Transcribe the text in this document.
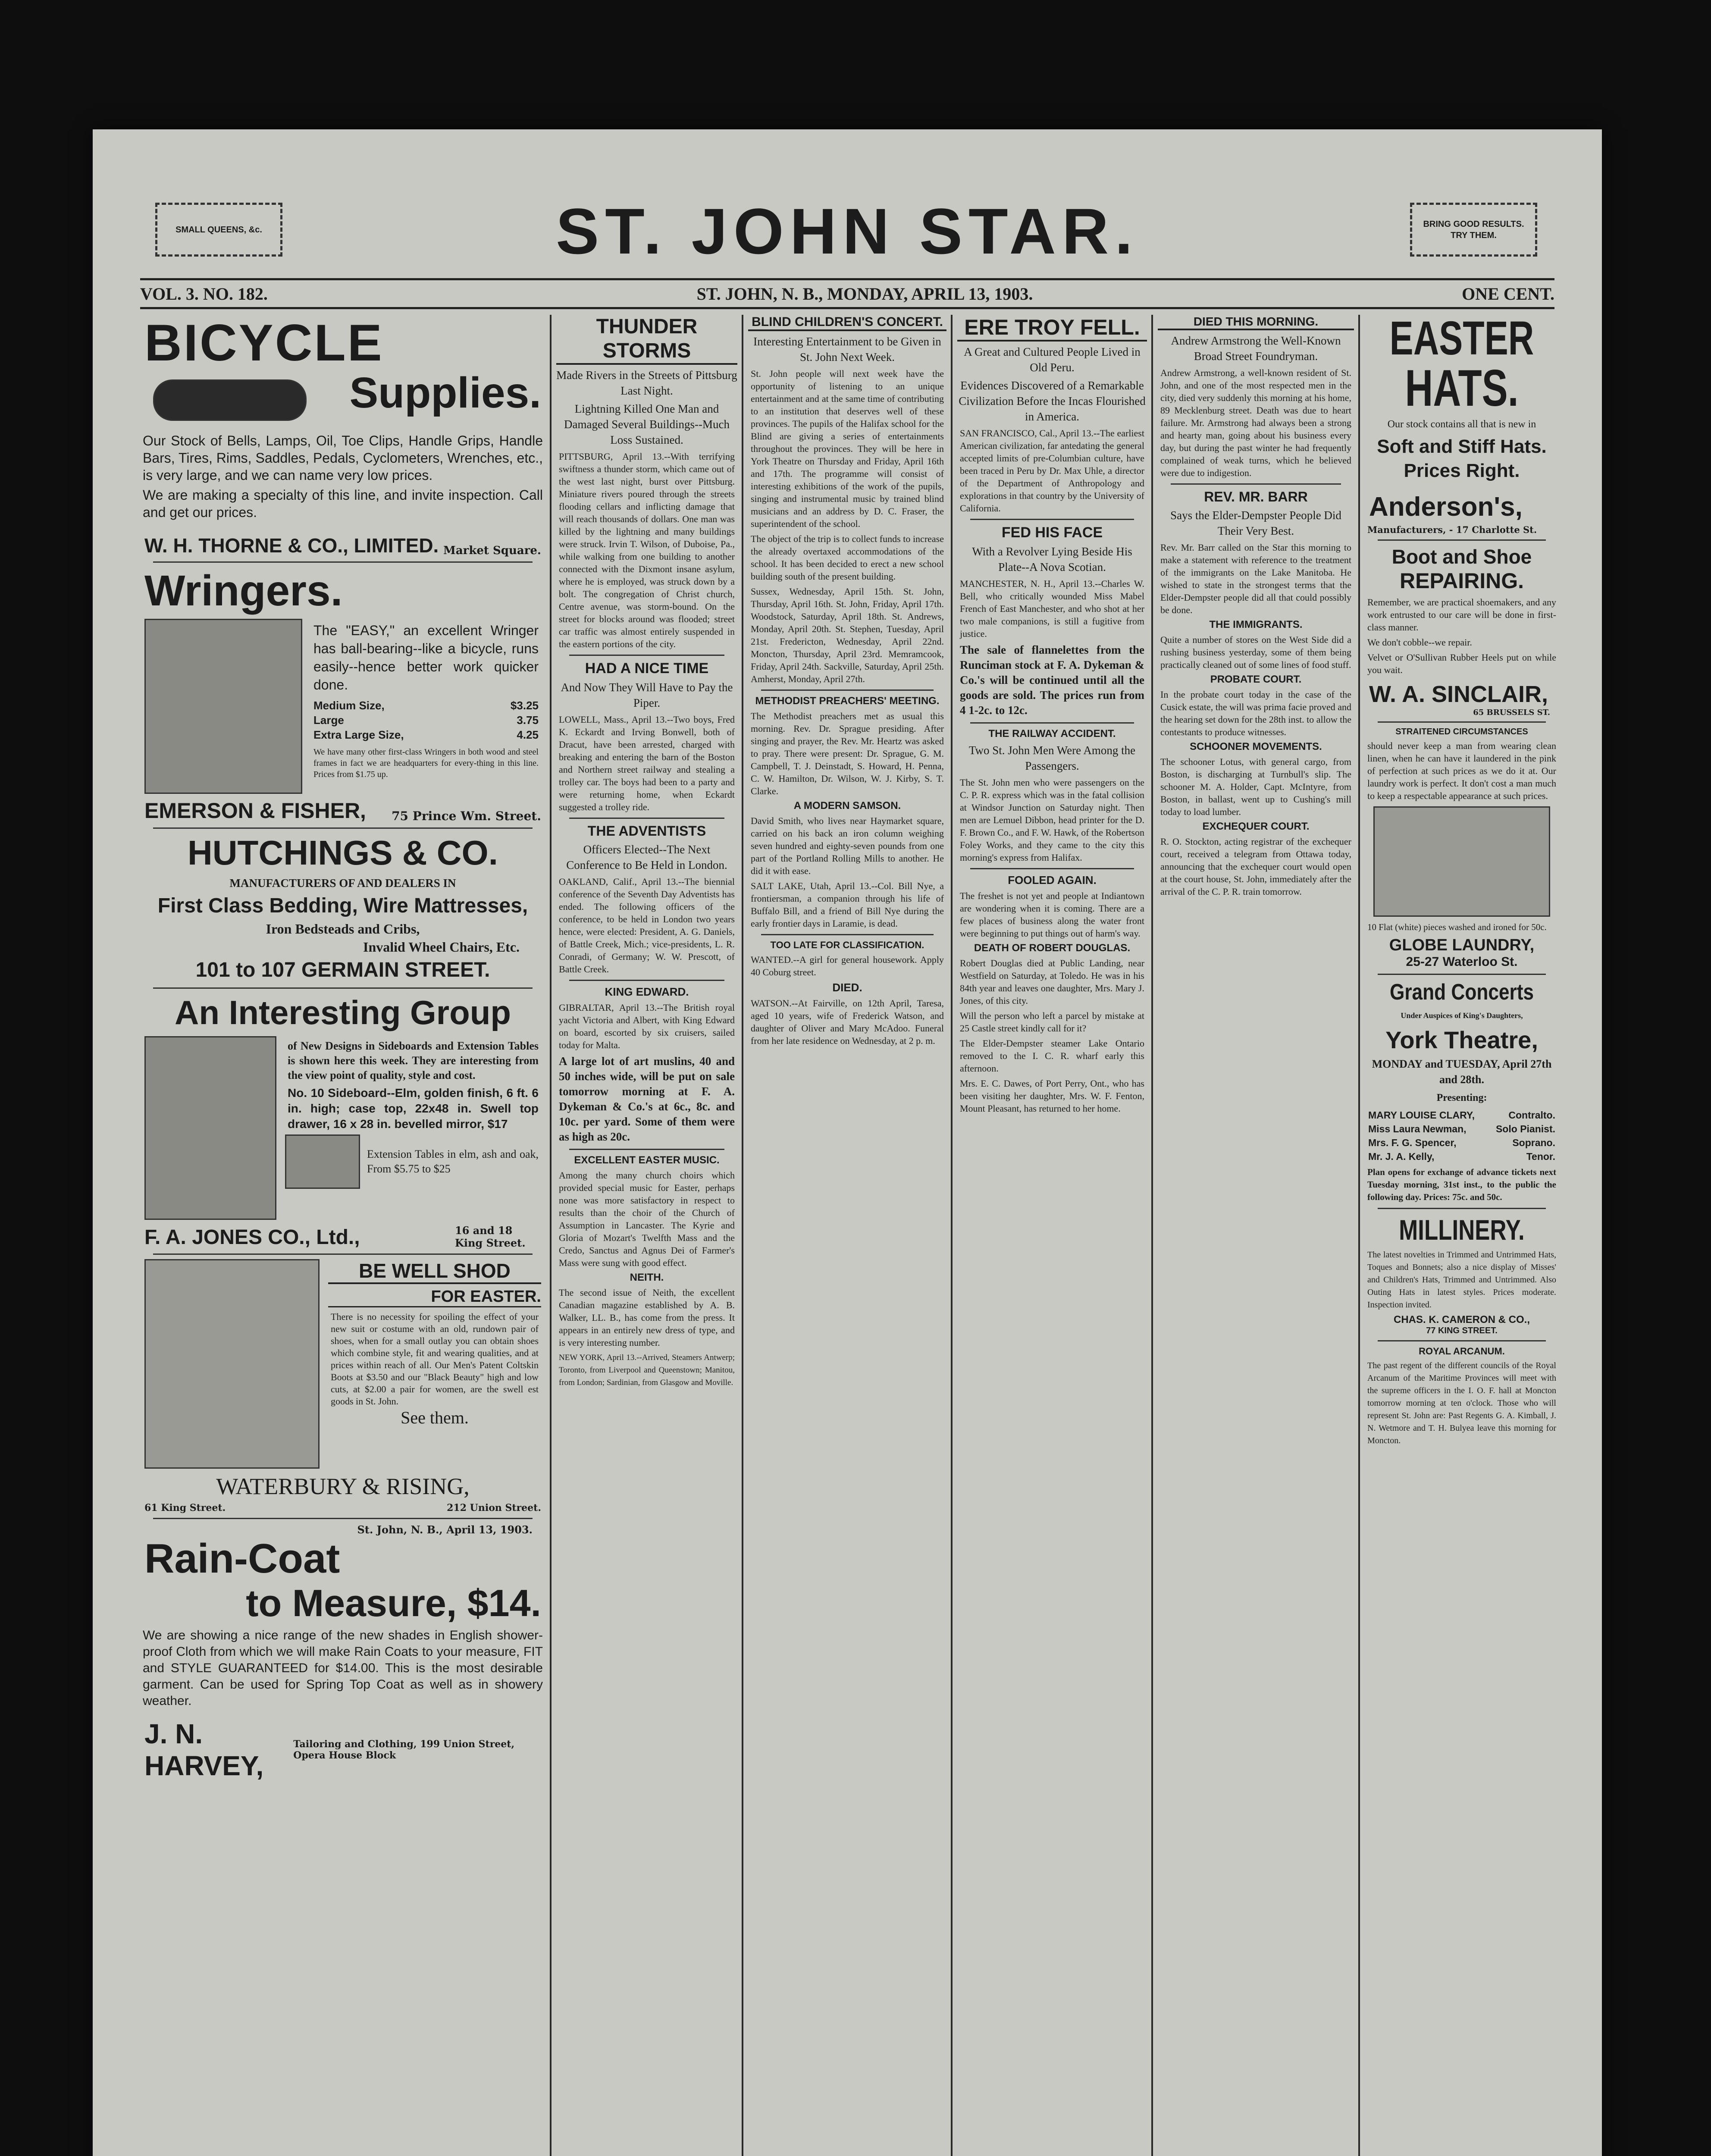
SMALL QUEENS, &c.
BRING GOOD RESULTS.
TRY THEM.
ST. JOHN STAR.
VOL. 3. NO. 182.	ST. JOHN, N. B., MONDAY, APRIL 13, 1903.	ONE CENT.
BICYCLE
Supplies.
Our Stock of Bells, Lamps, Oil, Toe Clips, Handle Grips, Handle Bars, Tires, Rims, Saddles, Pedals, Cyclometers, Wrenches, etc., is very large, and we can name very low prices.
We are making a specialty of this line, and invite inspection. Call and get our prices.
W. H. THORNE & CO., LIMITED. Market Square.
Wringers.
The "EASY," an excellent Wringer has ball-bearing--like a bicycle, runs easily--hence better work quicker done.
Medium Size,	$3.25
Large	3.75
Extra Large Size,	4.25
We have many other first-class Wringers in both wood and steel frames in fact we are headquarters for every-thing in this line. Prices from $1.75 up.
EMERSON & FISHER, 75 Prince Wm. Street.
HUTCHINGS & CO.
MANUFACTURERS OF AND DEALERS IN
First Class Bedding, Wire Mattresses,
Iron Bedsteads and Cribs,
Invalid Wheel Chairs, Etc.
101 to 107 GERMAIN STREET.
An Interesting Group
of New Designs in Sideboards and Extension Tables is shown here this week. They are interesting from the view point of quality, style and cost.
No. 10 Sideboard--Elm, golden finish, 6 ft. 6 in. high; case top, 22x48 in. Swell top drawer, 16 x 28 in. bevelled mirror, $17
Extension Tables in elm, ash and oak, From $5.75 to $25
F. A. JONES CO., Ltd.,	16 and 18 King Street.
BE WELL SHOD
FOR EASTER.
There is no necessity for spoiling the effect of your new suit or costume with an old, rundown pair of shoes, when for a small outlay you can obtain shoes which combine style, fit and wearing qualities, and at prices within reach of all. Our Men's Patent Coltskin Boots at $3.50 and our "Black Beauty" high and low cuts, at $2.00 a pair for women, are the swell est goods in St. John.
See them.
WATERBURY & RISING,
61 King Street.	212 Union Street.
St. John, N. B., April 13, 1903.
Rain-Coat
to Measure, $14.
We are showing a nice range of the new shades in English shower-proof Cloth from which we will make Rain Coats to your measure, FIT and STYLE GUARANTEED for $14.00. This is the most desirable garment. Can be used for Spring Top Coat as well as in showery weather.
J. N. HARVEY,
Tailoring and Clothing, 199 Union Street, Opera House Block
THUNDER STORMS
Made Rivers in the Streets of Pittsburg Last Night.
Lightning Killed One Man and Damaged Several Buildings--Much Loss Sustained.
PITTSBURG, April 13.--With terrifying swiftness a thunder storm, which came out of the west last night, burst over Pittsburg. Miniature rivers poured through the streets flooding cellars and inflicting damage that will reach thousands of dollars. One man was killed by the lightning and many buildings were struck. Irvin T. Wilson, of Duboise, Pa., while walking from one building to another connected with the Dixmont insane asylum, where he is employed, was struck down by a bolt. The congregation of Christ church, Centre avenue, was storm-bound. On the street for blocks around was flooded; street car traffic was almost entirely suspended in the eastern portions of the city.
HAD A NICE TIME
And Now They Will Have to Pay the Piper.
LOWELL, Mass., April 13.--Two boys, Fred K. Eckardt and Irving Bonwell, both of Dracut, have been arrested, charged with breaking and entering the barn of the Boston and Northern street railway and stealing a trolley car. The boys had been to a party and were returning home, when Eckardt suggested a trolley ride.
THE ADVENTISTS
Officers Elected--The Next Conference to Be Held in London.
OAKLAND, Calif., April 13.--The biennial conference of the Seventh Day Adventists has ended. The following officers of the conference, to be held in London two years hence, were elected: President, A. G. Daniels, of Battle Creek, Mich.; vice-presidents, L. R. Conradi, of Germany; W. W. Prescott, of Battle Creek.
KING EDWARD.
GIBRALTAR, April 13.--The British royal yacht Victoria and Albert, with King Edward on board, escorted by six cruisers, sailed today for Malta.
A large lot of art muslins, 40 and 50 inches wide, will be put on sale tomorrow morning at F. A. Dykeman & Co.'s at 6c., 8c. and 10c. per yard. Some of them were as high as 20c.
EXCELLENT EASTER MUSIC.
Among the many church choirs which provided special music for Easter, perhaps none was more satisfactory in respect to results than the choir of the Church of Assumption in Lancaster. The Kyrie and Gloria of Mozart's Twelfth Mass and the Credo, Sanctus and Agnus Dei of Farmer's Mass were sung with good effect.
NEITH.
The second issue of Neith, the excellent Canadian magazine established by A. B. Walker, LL. B., has come from the press. It appears in an entirely new dress of type, and is very interesting number.
NEW YORK, April 13.--Arrived, Steamers Antwerp; Toronto, from Liverpool and Queenstown; Manitou, from London; Sardinian, from Glasgow and Moville.
BLIND CHILDREN'S CONCERT.
Interesting Entertainment to be Given in St. John Next Week.
St. John people will next week have the opportunity of listening to an unique entertainment and at the same time of contributing to an institution that deserves well of these provinces. The pupils of the Halifax school for the Blind are giving a series of entertainments throughout the provinces. They will be here in York Theatre on Thursday and Friday, April 16th and 17th. The programme will consist of interesting exhibitions of the work of the pupils, singing and instrumental music by trained blind musicians and an address by D. C. Fraser, the superintendent of the school.
The object of the trip is to collect funds to increase the already overtaxed accommodations of the school. It has been decided to erect a new school building south of the present building.
Sussex, Wednesday, April 15th. St. John, Thursday, April 16th. St. John, Friday, April 17th. Woodstock, Saturday, April 18th. St. Andrews, Monday, April 20th. St. Stephen, Tuesday, April 21st. Fredericton, Wednesday, April 22nd. Moncton, Thursday, April 23rd. Memramcook, Friday, April 24th. Sackville, Saturday, April 25th. Amherst, Monday, April 27th.
METHODIST PREACHERS' MEETING.
The Methodist preachers met as usual this morning. Rev. Dr. Sprague presiding. After singing and prayer, the Rev. Mr. Heartz was asked to pray. There were present: Dr. Sprague, G. M. Campbell, T. J. Deinstadt, S. Howard, H. Penna, C. W. Hamilton, Dr. Wilson, W. J. Kirby, S. T. Clarke.
A MODERN SAMSON.
David Smith, who lives near Haymarket square, carried on his back an iron column weighing seven hundred and eighty-seven pounds from one part of the Portland Rolling Mills to another. He did it with ease.
SALT LAKE, Utah, April 13.--Col. Bill Nye, a frontiersman, a companion through his life of Buffalo Bill, and a friend of Bill Nye during the early frontier days in Laramie, is dead.
TOO LATE FOR CLASSIFICATION.
WANTED.--A girl for general housework. Apply 40 Coburg street.
DIED.
WATSON.--At Fairville, on 12th April, Taresa, aged 10 years, wife of Frederick Watson, and daughter of Oliver and Mary McAdoo. Funeral from her late residence on Wednesday, at 2 p. m.
ERE TROY FELL.
A Great and Cultured People Lived in Old Peru.
Evidences Discovered of a Remarkable Civilization Before the Incas Flourished in America.
SAN FRANCISCO, Cal., April 13.--The earliest American civilization, far antedating the general accepted limits of pre-Columbian culture, have been traced in Peru by Dr. Max Uhle, a director of the Department of Anthropology and explorations in that country by the University of California.
FED HIS FACE
With a Revolver Lying Beside His Plate--A Nova Scotian.
MANCHESTER, N. H., April 13.--Charles W. Bell, who critically wounded Miss Mabel French of East Manchester, and who shot at her two male companions, is still a fugitive from justice.
The sale of flannelettes from the Runciman stock at F. A. Dykeman & Co.'s will be continued until all the goods are sold. The prices run from 4 1-2c. to 12c.
THE RAILWAY ACCIDENT.
Two St. John Men Were Among the Passengers.
The St. John men who were passengers on the C. P. R. express which was in the fatal collision at Windsor Junction on Saturday night. Then men are Lemuel Dibbon, head printer for the D. F. Brown Co., and F. W. Hawk, of the Robertson Foley Works, and they came to the city this morning's express from Halifax.
FOOLED AGAIN.
The freshet is not yet and people at Indiantown are wondering when it is coming. There are a few places of business along the water front were beginning to put things out of harm's way.
DEATH OF ROBERT DOUGLAS.
Robert Douglas died at Public Landing, near Westfield on Saturday, at Toledo. He was in his 84th year and leaves one daughter, Mrs. Mary J. Jones, of this city.
Will the person who left a parcel by mistake at 25 Castle street kindly call for it?
The Elder-Dempster steamer Lake Ontario removed to the I. C. R. wharf early this afternoon.
Mrs. E. C. Dawes, of Port Perry, Ont., who has been visiting her daughter, Mrs. W. F. Fenton, Mount Pleasant, has returned to her home.
DIED THIS MORNING.
Andrew Armstrong the Well-Known Broad Street Foundryman.
Andrew Armstrong, a well-known resident of St. John, and one of the most respected men in the city, died very suddenly this morning at his home, 89 Mecklenburg street. Death was due to heart failure. Mr. Armstrong had always been a strong and hearty man, going about his business every day, but during the past winter he had frequently complained of weak turns, which he believed were due to indigestion.
REV. MR. BARR
Says the Elder-Dempster People Did Their Very Best.
Rev. Mr. Barr called on the Star this morning to make a statement with reference to the treatment of the immigrants on the Lake Manitoba. He wished to state in the strongest terms that the Elder-Dempster people did all that could possibly be done.
THE IMMIGRANTS.
Quite a number of stores on the West Side did a rushing business yesterday, some of them being practically cleaned out of some lines of food stuff.
PROBATE COURT.
In the probate court today in the case of the Cusick estate, the will was prima facie proved and the hearing set down for the 28th inst. to allow the contestants to produce witnesses.
SCHOONER MOVEMENTS.
The schooner Lotus, with general cargo, from Boston, is discharging at Turnbull's slip. The schooner M. A. Holder, Capt. McIntyre, from Boston, in ballast, went up to Cushing's mill today to load lumber.
EXCHEQUER COURT.
R. O. Stockton, acting registrar of the exchequer court, received a telegram from Ottawa today, announcing that the exchequer court would open at the court house, St. John, immediately after the arrival of the C. P. R. train tomorrow.
EASTER
HATS.
Our stock contains all that is new in
Soft and Stiff Hats.
Prices Right.
Anderson's,
Manufacturers, - 17 Charlotte St.
Boot and Shoe
REPAIRING.
Remember, we are practical shoemakers, and any work entrusted to our care will be done in first-class manner.
We don't cobble--we repair.
Velvet or O'Sullivan Rubber Heels put on while you wait.
W. A. SINCLAIR,
65 BRUSSELS ST.
STRAITENED CIRCUMSTANCES
should never keep a man from wearing clean linen, when he can have it laundered in the pink of perfection at such prices as we do it at. Our laundry work is perfect. It don't cost a man much to keep a respectable appearance at such prices.
10 Flat (white) pieces washed and ironed for 50c.
GLOBE LAUNDRY,
25-27 Waterloo St.
Grand Concerts
Under Auspices of King's Daughters,
York Theatre,
MONDAY and TUESDAY, April 27th and 28th.
Presenting:
MARY LOUISE CLARY,	Contralto.
Miss Laura Newman,	Solo Pianist.
Mrs. F. G. Spencer,	Soprano.
Mr. J. A. Kelly,	Tenor.
Plan opens for exchange of advance tickets next Tuesday morning, 31st inst., to the public the following day. Prices: 75c. and 50c.
MILLINERY.
The latest novelties in Trimmed and Untrimmed Hats, Toques and Bonnets; also a nice display of Misses' and Children's Hats, Trimmed and Untrimmed. Also Outing Hats in latest styles. Prices moderate. Inspection invited.
CHAS. K. CAMERON & CO.,
77 KING STREET.
ROYAL ARCANUM.
The past regent of the different councils of the Royal Arcanum of the Maritime Provinces will meet with the supreme officers in the I. O. F. hall at Moncton tomorrow morning at ten o'clock. Those who will represent St. John are: Past Regents G. A. Kimball, J. N. Wetmore and T. H. Bulyea leave this morning for Moncton.
